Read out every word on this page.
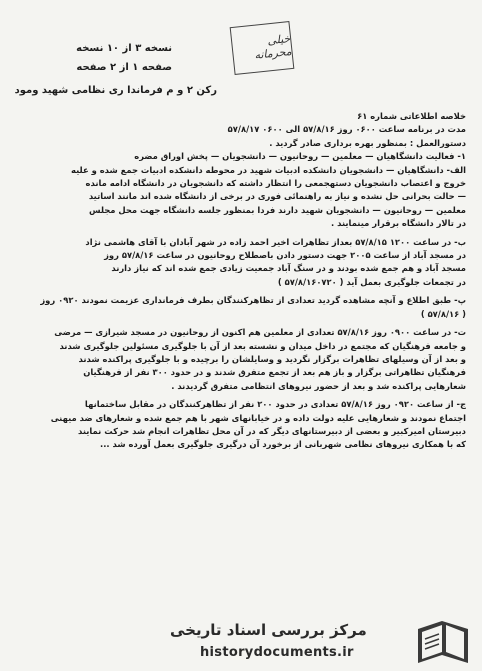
نسخه ۳ از ۱۰ نسخه
صفحه ۱ از ۲ صفحه
رکن ۲ و م فرماندا ری نظامی شهید ومود
خیلی محرمانه
خلاصه اطلاعاتی شماره ۶۱
مدت در برنامه ساعت ۰۶۰۰ روز ۵۷/۸/۱۶ الی ۰۶۰۰ ۵۷/۸/۱۷
دستورالعمل : بمنظور بهره برداری صادر گردید .
۱- فعالیت دانشگاهیان — معلمین — روحانیون — دانشجویان — پخش اوراق مضره
الف- دانشگاهیان — دانشجویان دانشکده ادبیات شهید در محوطه دانشکده ادبیات جمع شده و علیه
خروج و اعتصاب دانشجویان دستهجمعی را انتظار داشته که دانشجویان در دانشگاه ادامه مانده
— حالت بحرانی حل نشده و نیاز به راهنمائی فوری در برخی از دانشگاه شده اند مانند اساتید
معلمین — روحانیون — دانشجویان شهید دارند فردا بمنظور جلسه دانشگاه جهت محل مجلس
در تالار دانشگاه برقرار مینمایند .
ب- در ساعت ۱۲۰۰ ۵۷/۸/۱۵ بعداز تظاهرات اخیر احمد زاده در شهر آبادان با آقای هاشمی نژاد
در مسجد آباد از ساعت ۲۰۰۵ جهت دستور دادن باصطلاح روحانیون در ساعت ۵۷/۸/۱۶ روز
مسجد آباد و هم جمع شده بودند و در سنگ آباد جمعیت زیادی جمع شده اند که نیاز دارند
در تجمعات جلوگیری بعمل آید ( ۵۷/۸/۱۶۰۷۲۰ )
پ- طبق اطلاع و آنچه مشاهده گردید تعدادی از تظاهرکنندگان بطرف فرمانداری عزیمت نمودند ۰۹۲۰ روز
( ۵۷/۸/۱۶ )
ت- در ساعت ۰۹۰۰ روز ۵۷/۸/۱۶ تعدادی از معلمین هم اکنون از روحانیون در مسجد شیرازی — مرضی
و جامعه فرهنگیان که مجتمع در داخل میدان و نشسته بعد از آن با جلوگیری مسئولین جلوگیری شدند
و بعد از آن وسیلهای تظاهرات برگزار نگردید و وسایلشان را برچیده و با جلوگیری پراکنده شدند
فرهنگیان تظاهراتی برگزار و باز هم بعد از تجمع متفرق شدند و در حدود ۳۰۰ نفر از فرهنگیان
شعارهایی پراکنده شد و بعد از حضور نیروهای انتظامی متفرق گردیدند .
ج- از ساعت ۰۹۲۰ روز ۵۷/۸/۱۶ تعدادی در حدود ۲۰۰ نفر از تظاهرکنندگان در مقابل ساختمانها
اجتماع نمودند و شعارهایی علیه دولت داده و در خیابانهای شهر با هم جمع شده و شعارهای ضد میهنی
دبیرستان امیرکبیر و بعضی از دبیرستانهای دیگر که در آن محل تظاهرات انجام شد حرکت نمایند
که با همکاری نیروهای نظامی شهربانی از برخورد آن درگیری جلوگیری بعمل آورده شد ...
مرکز بررسی اسناد تاریخی
historydocuments.ir
